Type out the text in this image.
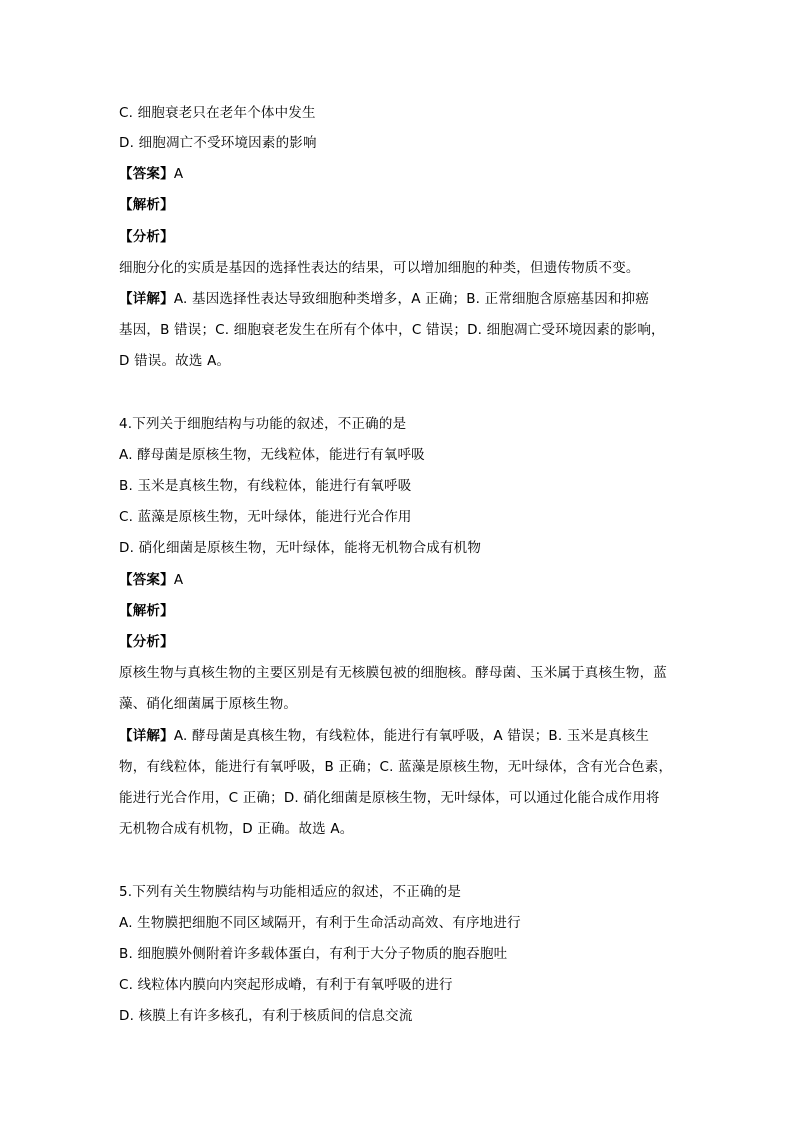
C. 细胞衰老只在老年个体中发生
D. 细胞凋亡不受环境因素的影响
【答案】A
【解析】
【分析】
细胞分化的实质是基因的选择性表达的结果，可以增加细胞的种类，但遗传物质不变。
【详解】A. 基因选择性表达导致细胞种类增多，A 正确；B. 正常细胞含原癌基因和抑癌
基因，B 错误；C. 细胞衰老发生在所有个体中，C 错误；D. 细胞凋亡受环境因素的影响，
D 错误。故选 A。
4.下列关于细胞结构与功能的叙述，不正确的是
A. 酵母菌是原核生物，无线粒体，能进行有氧呼吸
B. 玉米是真核生物，有线粒体，能进行有氧呼吸
C. 蓝藻是原核生物，无叶绿体，能进行光合作用
D. 硝化细菌是原核生物，无叶绿体，能将无机物合成有机物
【答案】A
【解析】
【分析】
原核生物与真核生物的主要区别是有无核膜包被的细胞核。酵母菌、玉米属于真核生物，蓝
藻、硝化细菌属于原核生物。
【详解】A. 酵母菌是真核生物，有线粒体，能进行有氧呼吸，A 错误；B. 玉米是真核生
物，有线粒体，能进行有氧呼吸，B 正确；C. 蓝藻是原核生物，无叶绿体，含有光合色素，
能进行光合作用，C 正确；D. 硝化细菌是原核生物，无叶绿体，可以通过化能合成作用将
无机物合成有机物，D 正确。故选 A。
5.下列有关生物膜结构与功能相适应的叙述，不正确的是
A. 生物膜把细胞不同区域隔开，有利于生命活动高效、有序地进行
B. 细胞膜外侧附着许多载体蛋白，有利于大分子物质的胞吞胞吐
C. 线粒体内膜向内突起形成嵴，有利于有氧呼吸的进行
D. 核膜上有许多核孔，有利于核质间的信息交流
